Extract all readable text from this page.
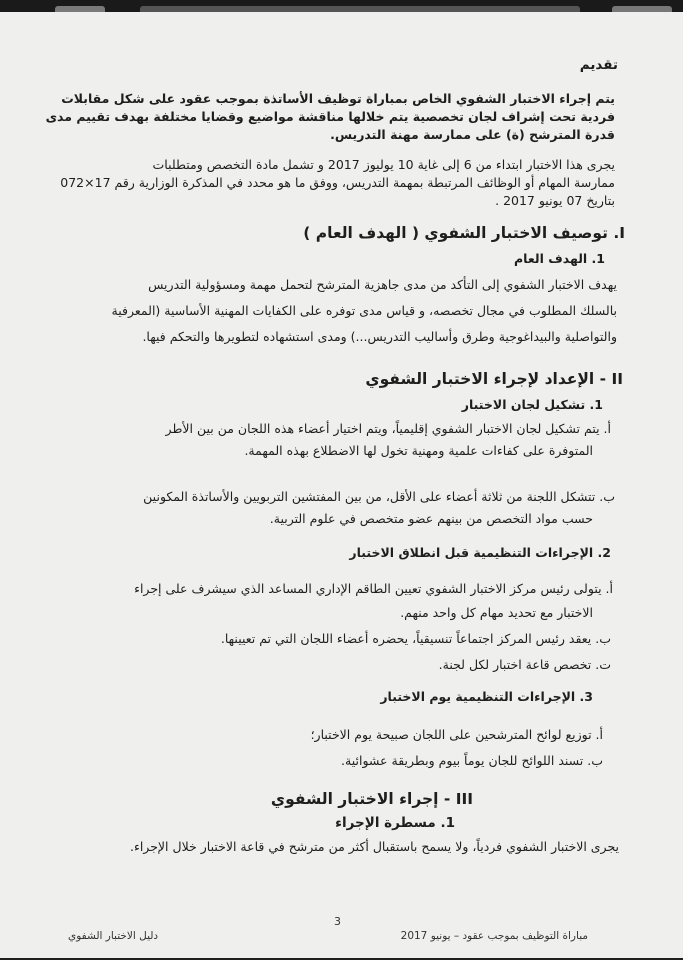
تقديم
يتم إجراء الاختبار الشفوي الخاص بمباراة توظيف الأساتذة بموجب عقود على شكل مقابلات
فردية تحت إشراف لجان تخصصية يتم خلالها مناقشة مواضيع وقضايا مختلفة بهدف تقييم مدى
قدرة المترشح (ة) على ممارسة مهنة التدريس.
يجرى هذا الاختبار ابتداء من 6 إلى غاية 10 يوليوز 2017 و تشمل مادة التخصص ومتطلبات
ممارسة المهام أو الوظائف المرتبطة بمهمة التدريس، ووفق ما هو محدد في المذكرة الوزارية رقم 17×072
بتاريخ 07 يونيو 2017 .
I. توصيف الاختبار الشفوي ( الهدف العام )
1. الهدف العام
يهدف الاختبار الشفوي إلى التأكد من مدى جاهزية المترشح لتحمل مهمة ومسؤولية التدريس
بالسلك المطلوب في مجال تخصصه، و قياس مدى توفره على الكفايات المهنية الأساسية (المعرفية
والتواصلية والبيداغوجية وطرق وأساليب التدريس...) ومدى استشهاده لتطويرها والتحكم فيها.
II - الإعداد لإجراء الاختبار الشفوي
1. تشكيل لجان الاختبار
أ. يتم تشكيل لجان الاختبار الشفوي إقليمياً، ويتم اختيار أعضاء هذه اللجان من بين الأطر
المتوفرة على كفاءات علمية ومهنية تخول لها الاضطلاع بهذه المهمة.
ب. تتشكل اللجنة من ثلاثة أعضاء على الأقل، من بين المفتشين التربويين والأساتذة المكونين
حسب مواد التخصص من بينهم عضو متخصص في علوم التربية.
2. الإجراءات التنظيمية قبل انطلاق الاختبار
أ. يتولى رئيس مركز الاختبار الشفوي تعيين الطاقم الإداري المساعد الذي سيشرف على إجراء
الاختبار مع تحديد مهام كل واحد منهم.
ب. يعقد رئيس المركز اجتماعاً تنسيقياً، يحضره أعضاء اللجان التي تم تعيينها.
ت. تخصص قاعة اختبار لكل لجنة.
3. الإجراءات التنظيمية يوم الاختبار
أ. توزيع لوائح المترشحين على اللجان صبيحة يوم الاختبار؛
ب. تسند اللوائح للجان يوماً بيوم وبطريقة عشوائية.
III - إجراء الاختبار الشفوي
1. مسطرة الإجراء
يجرى الاختبار الشفوي فردياً، ولا يسمح باستقبال أكثر من مترشح في قاعة الاختبار خلال الإجراء.
3
مباراة التوظيف بموجب عقود – يونيو 2017
دليل الاختبار الشفوي
